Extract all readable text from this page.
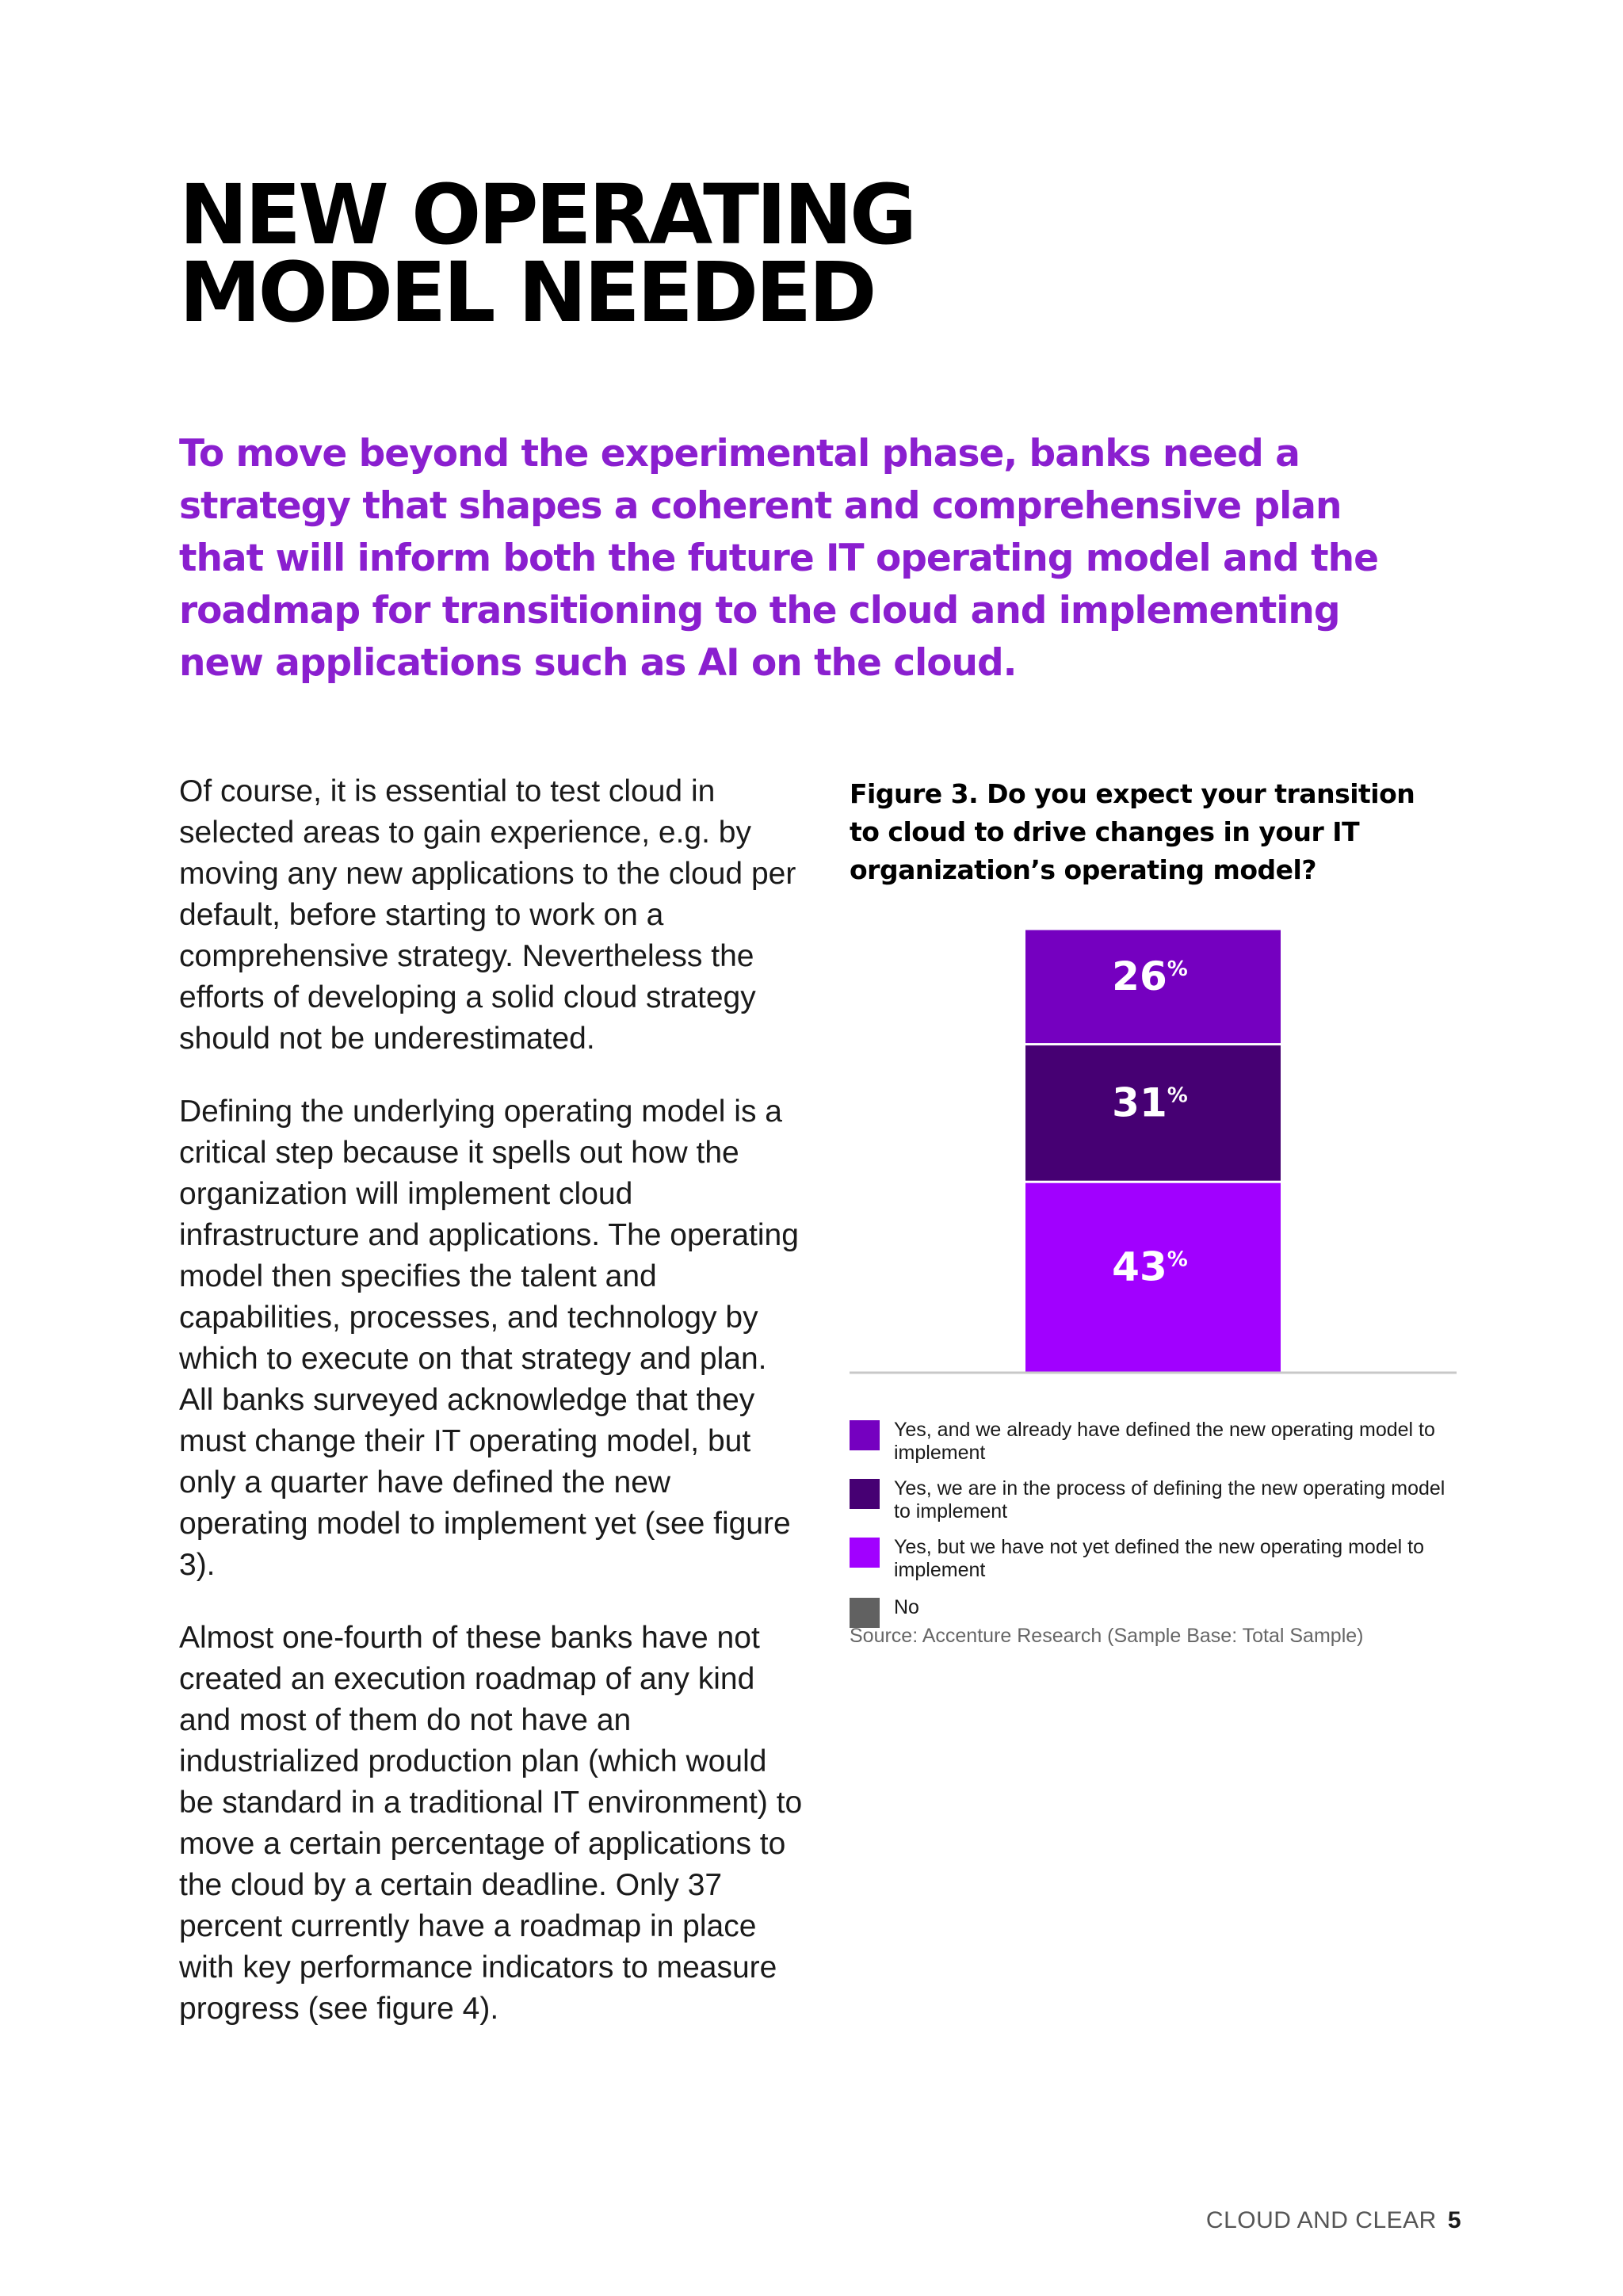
NEW OPERATING
MODEL NEEDED

To move beyond the experimental phase, banks need a strategy that shapes a coherent and comprehensive plan that will inform both the future IT operating model and the roadmap for transitioning to the cloud and implementing new applications such as AI on the cloud.

Of course, it is essential to test cloud in selected areas to gain experience, e.g. by moving any new applications to the cloud per default, before starting to work on a comprehensive strategy. Nevertheless the efforts of developing a solid cloud strategy should not be underestimated.

Defining the underlying operating model is a critical step because it spells out how the organization will implement cloud infrastructure and applications. The operating model then specifies the talent and capabilities, processes, and technology by which to execute on that strategy and plan. All banks surveyed acknowledge that they must change their IT operating model, but only a quarter have defined the new operating model to implement yet (see figure 3).

Almost one-fourth of these banks have not created an execution roadmap of any kind and most of them do not have an industrialized production plan (which would be standard in a traditional IT environment) to move a certain percentage of applications to the cloud by a certain deadline. Only 37 percent currently have a roadmap in place with key performance indicators to measure progress (see figure 4).

Figure 3. Do you expect your transition to cloud to drive changes in your IT organization’s operating model?

43%
31%
26%
Yes, and we already have defined the new operating model to implement
Yes, we are in the process of defining the new operating model to implement
Yes, but we have not yet defined the new operating model to implement
No

Source: Accenture Research (Sample Base: Total Sample)

CLOUD AND CLEAR 5
